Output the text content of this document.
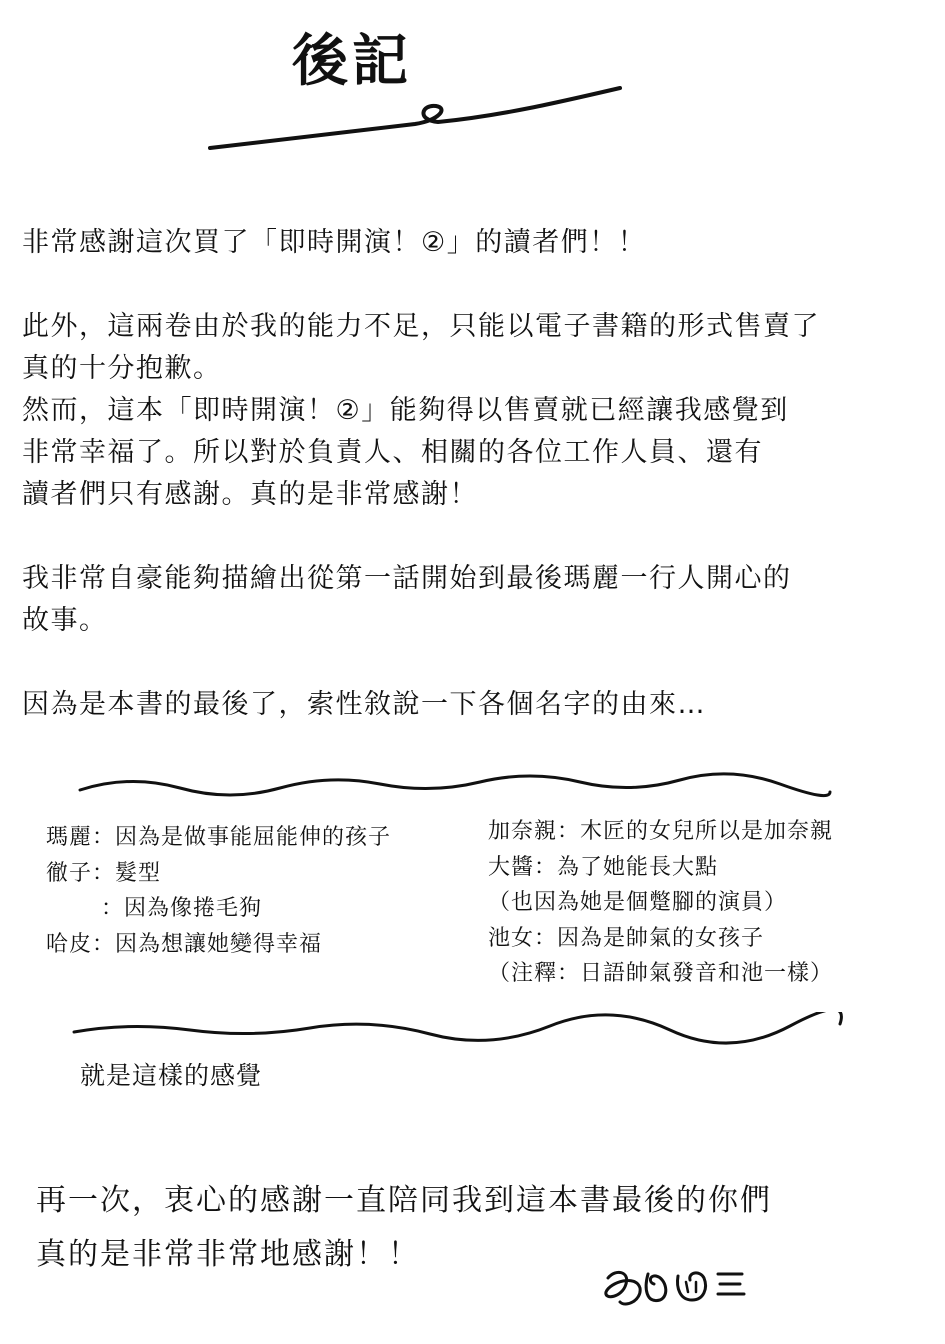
後記

非常感謝這次買了「即時開演！②」的讀者們！！

此外，這兩卷由於我的能力不足，只能以電子書籍的形式售賣了

真的十分抱歉。

然而，這本「即時開演！②」能夠得以售賣就已經讓我感覺到

非常幸福了。所以對於負責人、相關的各位工作人員、還有

讀者們只有感謝。真的是非常感謝！

我非常自豪能夠描繪出從第一話開始到最後瑪麗一行人開心的

故事。

因為是本書的最後了，索性敘說一下各個名字的由來…

瑪麗：因為是做事能屈能伸的孩子

徹子：髮型

　：因為像捲毛狗

哈皮：因為想讓她變得幸福

加奈親：木匠的女兒所以是加奈親

大醬：為了她能長大點

（也因為她是個蹩腳的演員）

池女：因為是帥氣的女孩子

（注釋：日語帥氣發音和池一樣）

就是這樣的感覺

再一次，衷心的感謝一直陪同我到這本書最後的你們

真的是非常非常地感謝！！
